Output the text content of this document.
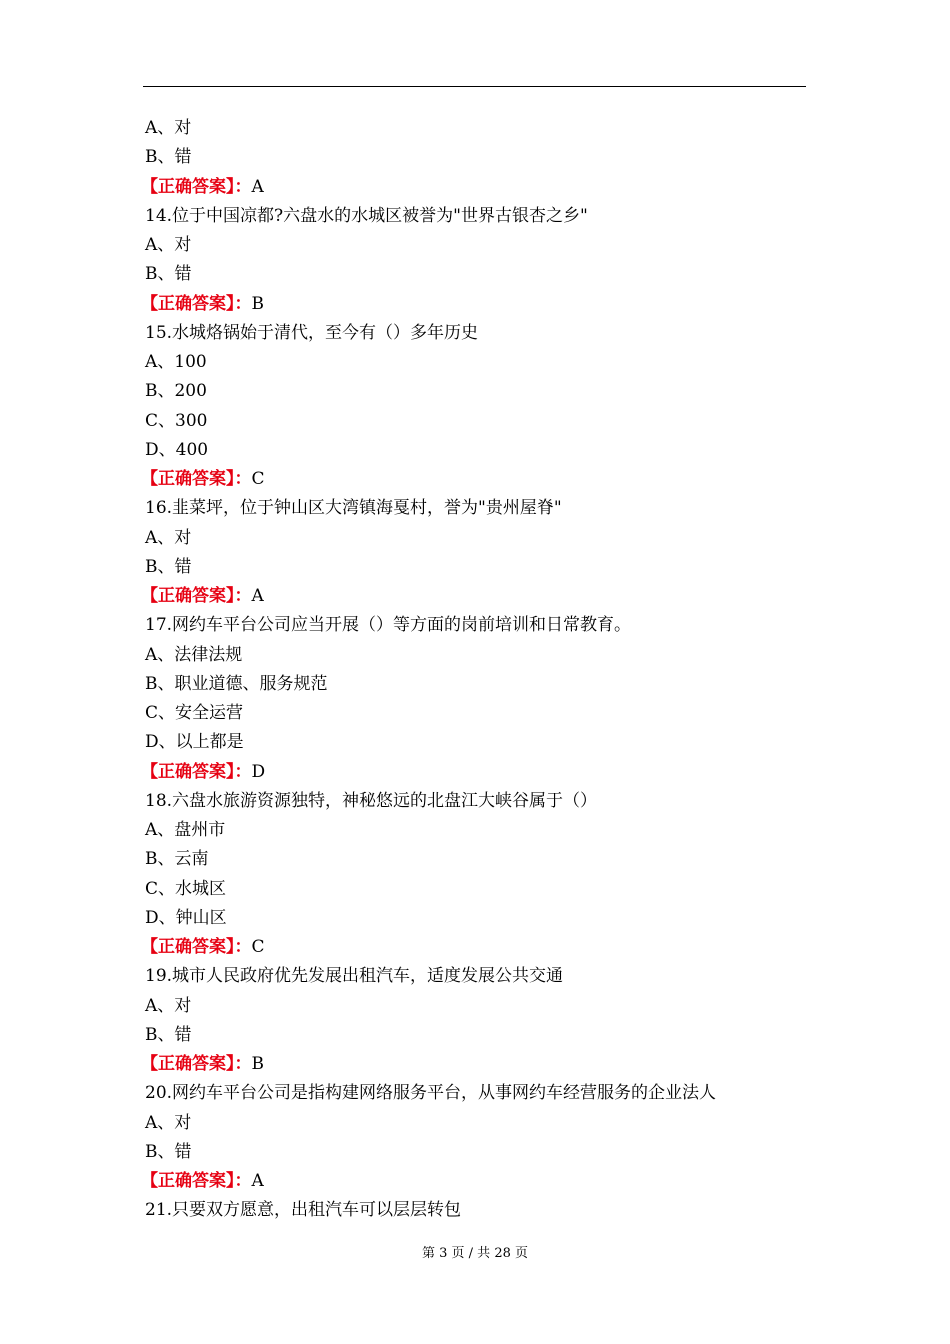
A、对
B、错
【正确答案】：A
14.位于中国凉都?六盘水的水城区被誉为"世界古银杏之乡"
A、对
B、错
【正确答案】：B
15.水城烙锅始于清代，至今有（）多年历史
A、100
B、200
C、300
D、400
【正确答案】：C
16.韭菜坪，位于钟山区大湾镇海戛村，誉为"贵州屋脊"
A、对
B、错
【正确答案】：A
17.网约车平台公司应当开展（）等方面的岗前培训和日常教育。
A、法律法规
B、职业道德、服务规范
C、安全运营
D、以上都是
【正确答案】：D
18.六盘水旅游资源独特，神秘悠远的北盘江大峡谷属于（）
A、盘州市
B、云南
C、水城区
D、钟山区
【正确答案】：C
19.城市人民政府优先发展出租汽车，适度发展公共交通
A、对
B、错
【正确答案】：B
20.网约车平台公司是指构建网络服务平台，从事网约车经营服务的企业法人
A、对
B、错
【正确答案】：A
21.只要双方愿意，出租汽车可以层层转包
第 3 页 / 共 28 页
